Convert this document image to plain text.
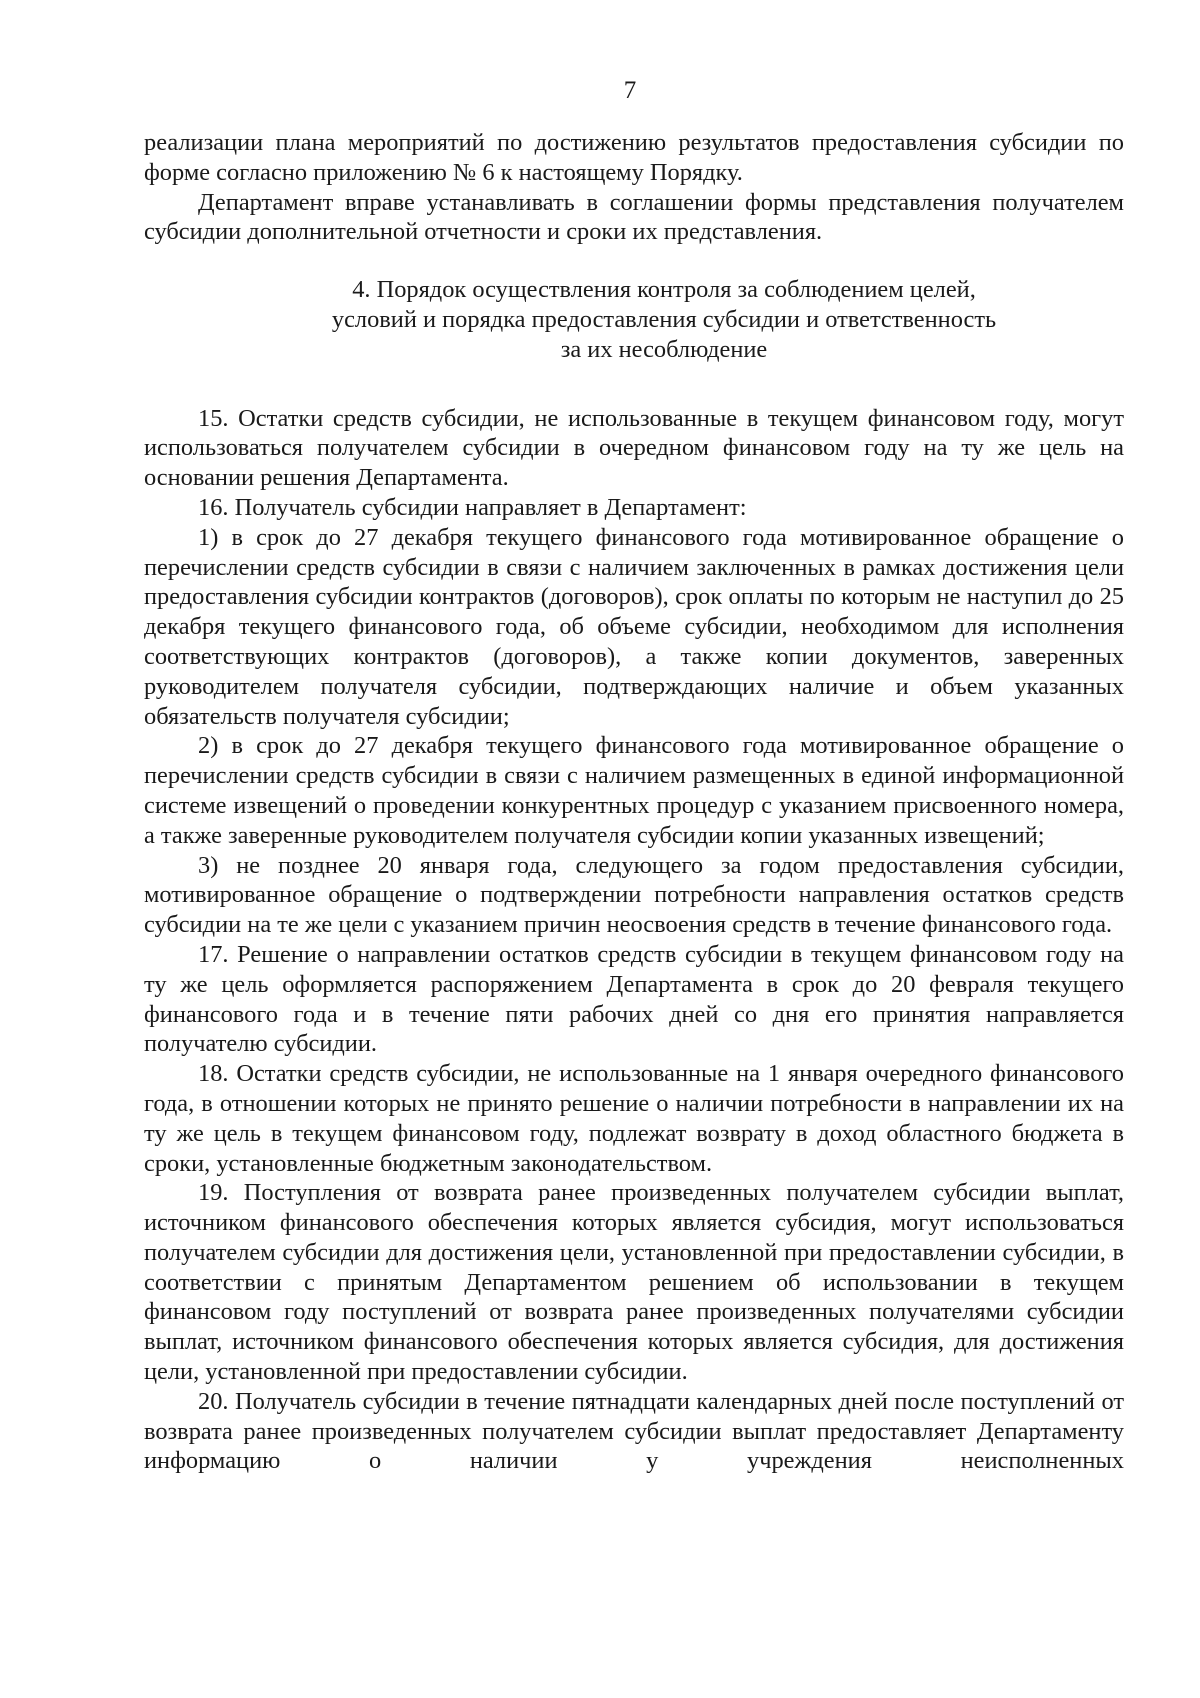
7

реализации плана мероприятий по достижению результатов предоставления субсидии по форме согласно приложению № 6 к настоящему Порядку.

Департамент вправе устанавливать в соглашении формы представления получателем субсидии дополнительной отчетности и сроки их представления.

4. Порядок осуществления контроля за соблюдением целей,
условий и порядка предоставления субсидии и ответственность
за их несоблюдение

15. Остатки средств субсидии, не использованные в текущем финансовом году, могут использоваться получателем субсидии в очередном финансовом году на ту же цель на основании решения Департамента.

16. Получатель субсидии направляет в Департамент:

1) в срок до 27 декабря текущего финансового года мотивированное обращение о перечислении средств субсидии в связи с наличием заключенных в рамках достижения цели предоставления субсидии контрактов (договоров), срок оплаты по которым не наступил до 25 декабря текущего финансового года, об объеме субсидии, необходимом для исполнения соответствующих контрактов (договоров), а также копии документов, заверенных руководителем получателя субсидии, подтверждающих наличие и объем указанных обязательств получателя субсидии;

2) в срок до 27 декабря текущего финансового года мотивированное обращение о перечислении средств субсидии в связи с наличием размещенных в единой информационной системе извещений о проведении конкурентных процедур с указанием присвоенного номера, а также заверенные руководителем получателя субсидии копии указанных извещений;

3) не позднее 20 января года, следующего за годом предоставления субсидии, мотивированное обращение о подтверждении потребности направления остатков средств субсидии на те же цели с указанием причин неосвоения средств в течение финансового года.

17. Решение о направлении остатков средств субсидии в текущем финансовом году на ту же цель оформляется распоряжением Департамента в срок до 20 февраля текущего финансового года и в течение пяти рабочих дней со дня его принятия направляется получателю субсидии.

18. Остатки средств субсидии, не использованные на 1 января очередного финансового года, в отношении которых не принято решение о наличии потребности в направлении их на ту же цель в текущем финансовом году, подлежат возврату в доход областного бюджета в сроки, установленные бюджетным законодательством.

19. Поступления от возврата ранее произведенных получателем субсидии выплат, источником финансового обеспечения которых является субсидия, могут использоваться получателем субсидии для достижения цели, установленной при предоставлении субсидии, в соответствии с принятым Департаментом решением об использовании в текущем финансовом году поступлений от возврата ранее произведенных получателями субсидии выплат, источником финансового обеспечения которых является субсидия, для достижения цели, установленной при предоставлении субсидии.

20. Получатель субсидии в течение пятнадцати календарных дней после поступлений от возврата ранее произведенных получателем субсидии выплат предоставляет Департаменту информацию о наличии у учреждения неисполненных
